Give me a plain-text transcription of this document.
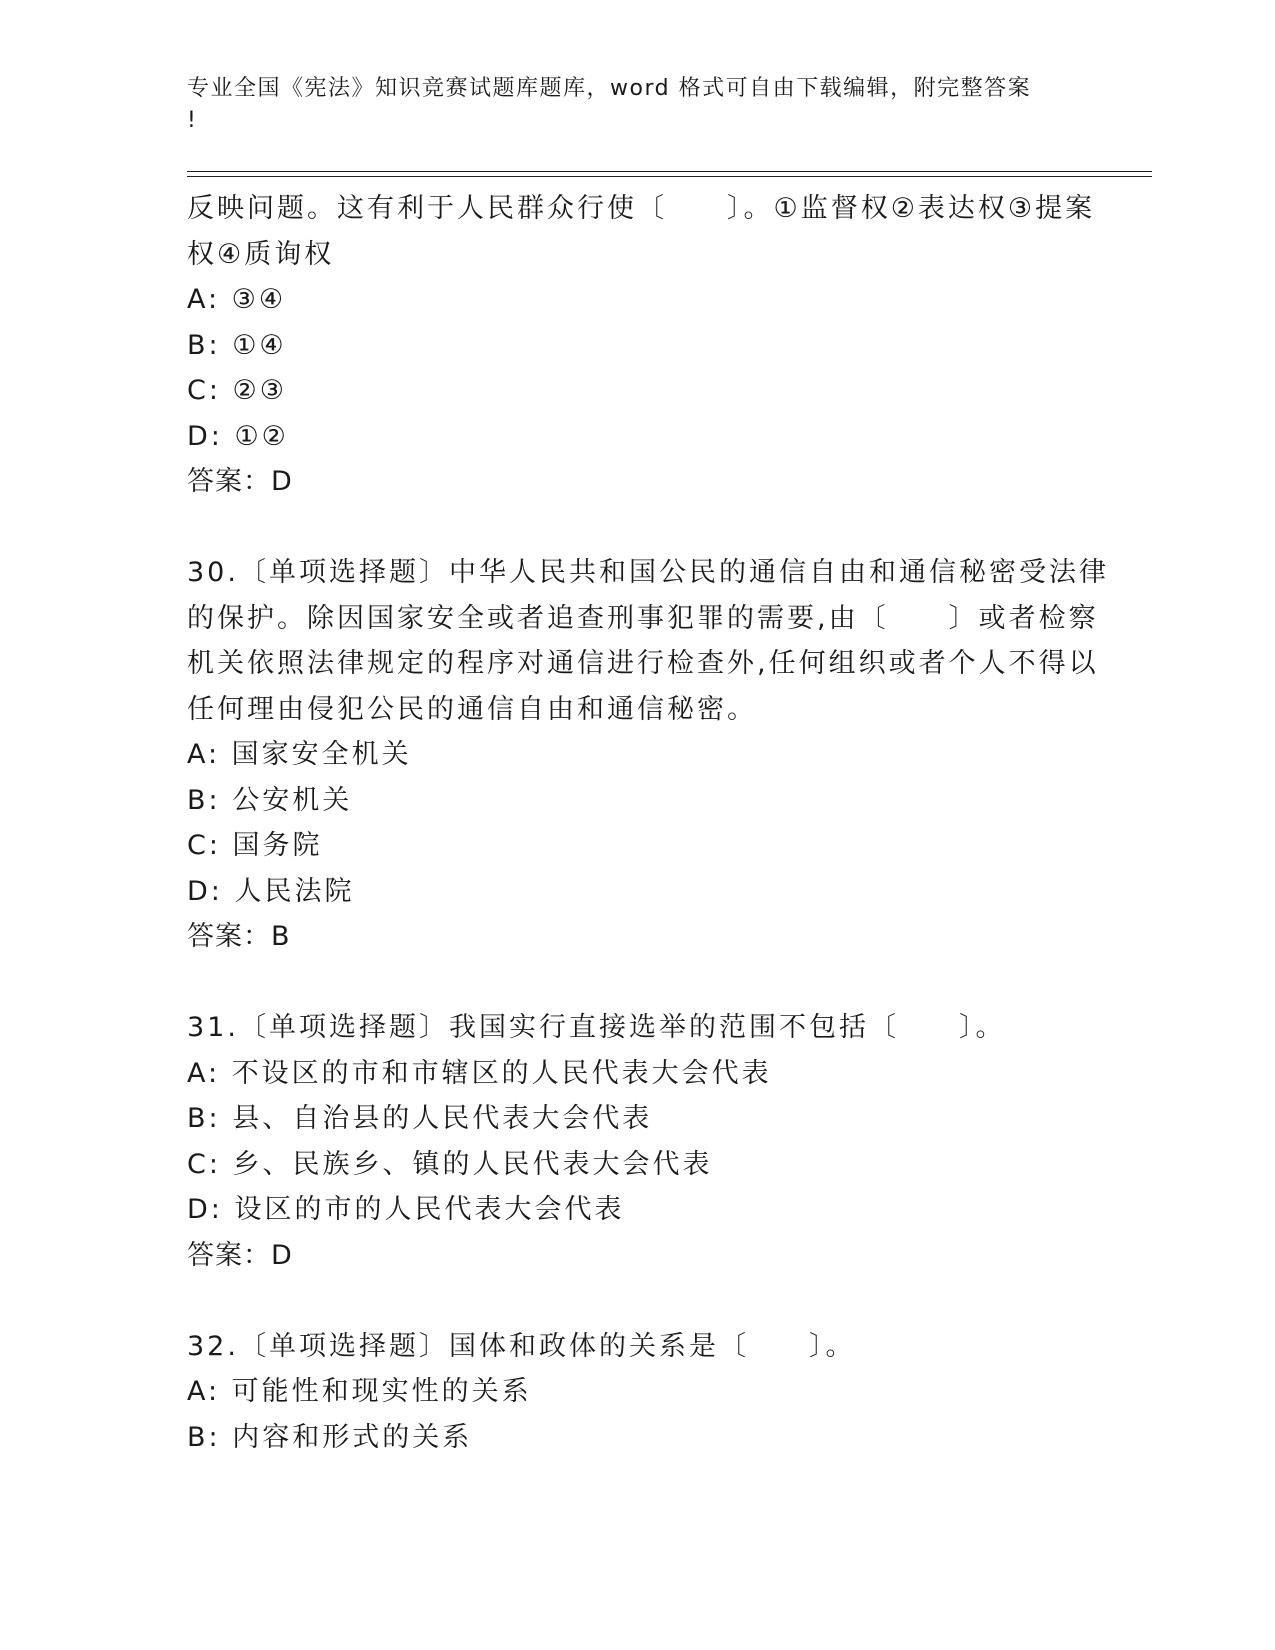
专业全国《宪法》知识竞赛试题库题库，word 格式可自由下载编辑，附完整答案
!
反映问题。这有利于人民群众行使〔　　〕。①监督权②表达权③提案
权④质询权
A: ③④
B: ①④
C: ②③
D: ①②
答案：D
30.〔单项选择题〕中华人民共和国公民的通信自由和通信秘密受法律
的保护。除因国家安全或者追查刑事犯罪的需要,由〔　　〕或者检察
机关依照法律规定的程序对通信进行检查外,任何组织或者个人不得以
任何理由侵犯公民的通信自由和通信秘密。
A: 国家安全机关
B: 公安机关
C: 国务院
D: 人民法院
答案：B
31.〔单项选择题〕我国实行直接选举的范围不包括〔　　〕。
A: 不设区的市和市辖区的人民代表大会代表
B: 县、自治县的人民代表大会代表
C: 乡、民族乡、镇的人民代表大会代表
D: 设区的市的人民代表大会代表
答案：D
32.〔单项选择题〕国体和政体的关系是〔　　〕。
A: 可能性和现实性的关系
B: 内容和形式的关系
